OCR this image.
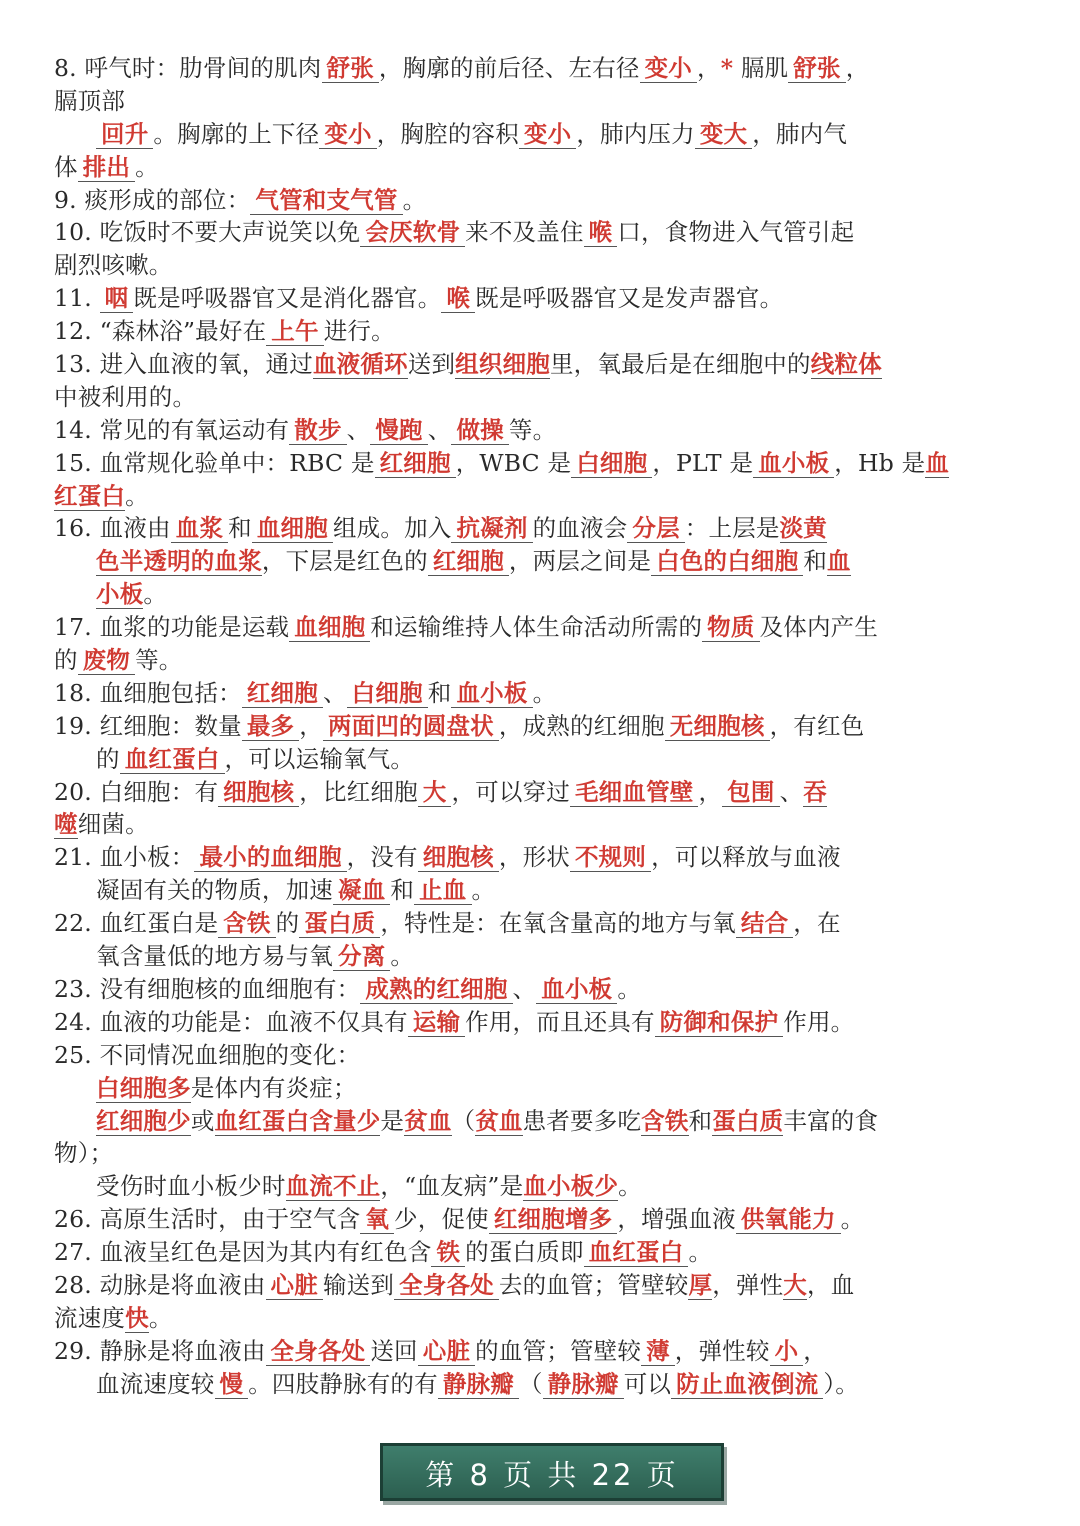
8. 呼气时：肋骨间的肌肉 舒张 ，胸廓的前后径、左右径 变小 ，* 膈肌 舒张 ，
膈顶部
回升 。胸廓的上下径 变小 ，胸腔的容积 变小 ，肺内压力 变大 ，肺内气
体 排出 。
9. 痰形成的部位： 气管和支气管 。
10. 吃饭时不要大声说笑以免 会厌软骨 来不及盖住 喉 口，食物进入气管引起
剧烈咳嗽。
11. 咽 既是呼吸器官又是消化器官。 喉 既是呼吸器官又是发声器官。
12. “森林浴”最好在 上午 进行。
13. 进入血液的氧，通过血液循环送到组织细胞里，氧最后是在细胞中的线粒体
中被利用的。
14. 常见的有氧运动有 散步 、 慢跑 、 做操 等。
15. 血常规化验单中：RBC 是 红细胞 ，WBC 是 白细胞 ，PLT 是 血小板 ，Hb 是血
红蛋白。
16. 血液由 血浆 和 血细胞 组成。加入 抗凝剂 的血液会 分层 ：上层是淡黄
色半透明的血浆，下层是红色的 红细胞 ，两层之间是 白色的白细胞 和血
小板。
17. 血浆的功能是运载 血细胞 和运输维持人体生命活动所需的 物质 及体内产生
的 废物 等。
18. 血细胞包括： 红细胞 、 白细胞 和 血小板 。
19. 红细胞：数量 最多 ， 两面凹的圆盘状 ，成熟的红细胞 无细胞核 ，有红色
的 血红蛋白 ，可以运输氧气。
20. 白细胞：有 细胞核 ，比红细胞 大 ，可以穿过 毛细血管壁 ， 包围 、吞
噬细菌。
21. 血小板： 最小的血细胞 ，没有 细胞核 ，形状 不规则 ，可以释放与血液
凝固有关的物质，加速 凝血 和 止血 。
22. 血红蛋白是 含铁 的 蛋白质 ，特性是：在氧含量高的地方与氧 结合 ，在
氧含量低的地方易与氧 分离 。
23. 没有细胞核的血细胞有： 成熟的红细胞 、 血小板 。
24. 血液的功能是：血液不仅具有 运输 作用，而且还具有 防御和保护 作用。
25. 不同情况血细胞的变化：
白细胞多是体内有炎症；
红细胞少或血红蛋白含量少是贫血（贫血患者要多吃含铁和蛋白质丰富的食
物）；
受伤时血小板少时血流不止，“血友病”是血小板少。
26. 高原生活时，由于空气含 氧 少，促使 红细胞增多 ，增强血液 供氧能力 。
27. 血液呈红色是因为其内有红色含 铁 的蛋白质即 血红蛋白 。
28. 动脉是将血液由 心脏 输送到 全身各处 去的血管；管壁较厚，弹性大，血
流速度快。
29. 静脉是将血液由 全身各处 送回 心脏 的血管；管壁较 薄 ，弹性较 小 ，
血流速度较 慢 。四肢静脉有的有 静脉瓣 （ 静脉瓣 可以 防止血液倒流 ）。
第 8 页 共 22 页
